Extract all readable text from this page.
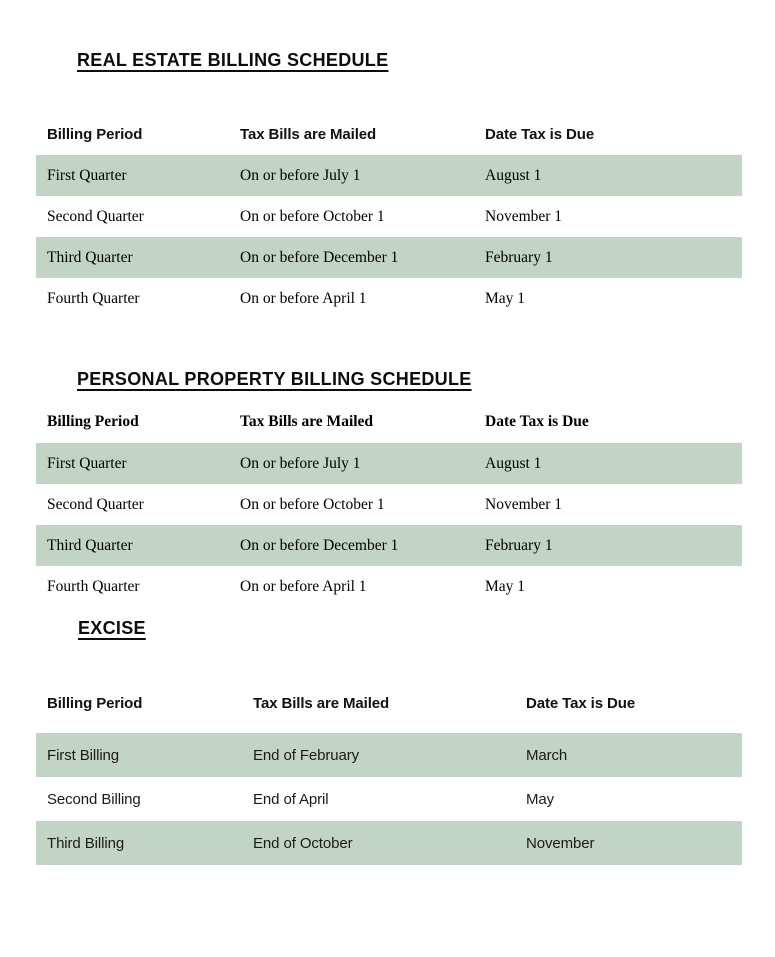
REAL ESTATE BILLING SCHEDULE
Billing Period	Tax Bills are Mailed	Date Tax is Due
First Quarter	On or before July 1	August 1
Second Quarter	On or before October 1	November 1
Third Quarter	On or before December 1	February 1
Fourth Quarter	On or before April 1	May 1
PERSONAL PROPERTY BILLING SCHEDULE
Billing Period	Tax Bills are Mailed	Date Tax is Due
First Quarter	On or before July 1	August 1
Second Quarter	On or before October 1	November 1
Third Quarter	On or before December 1	February 1
Fourth Quarter	On or before April 1	May 1
EXCISE
Billing Period	Tax Bills are Mailed	Date Tax is Due
First Billing	End of February	March
Second Billing	End of April	May
Third Billing	End of October	November
